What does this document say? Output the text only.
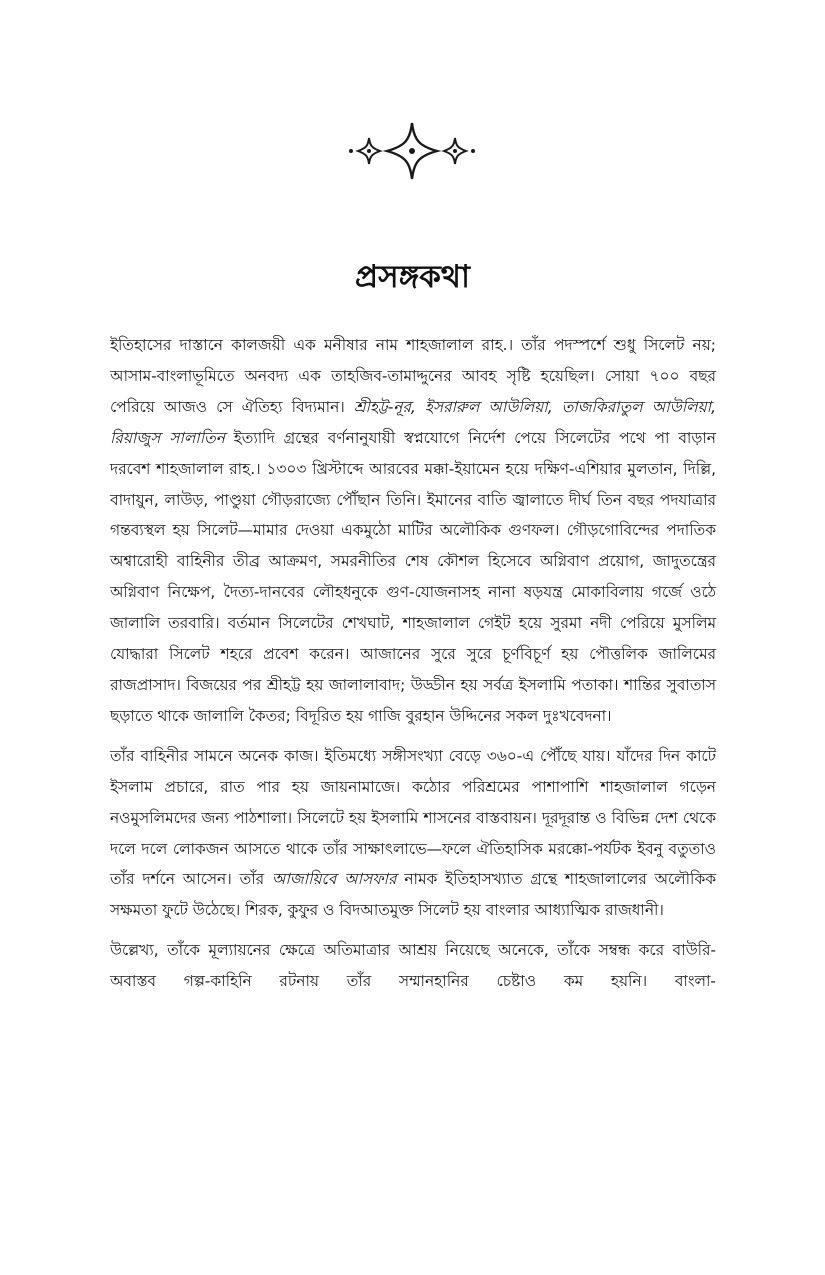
প্রসঙ্গকথা

ইতিহাসের দাস্তানে কালজয়ী এক মনীষার নাম শাহজালাল রাহ.। তাঁর পদস্পর্শে শুধু সিলেট নয়; আসাম-বাংলাভূমিতে অনবদ্য এক তাহজিব-তামাদ্দুনের আবহ সৃষ্টি হয়েছিল। সোয়া ৭০০ বছর পেরিয়ে আজও সে ঐতিহ্য বিদ্যমান। শ্রীহট্ট-নূর, ইসরারুল আউলিয়া, তাজকিরাতুল আউলিয়া, রিয়াজুস সালাতিন ইত্যাদি গ্রন্থের বর্ণনানুযায়ী স্বপ্নযোগে নির্দেশ পেয়ে সিলেটের পথে পা বাড়ান দরবেশ শাহজালাল রাহ.। ১৩০৩ খ্রিস্টাব্দে আরবের মক্কা-ইয়ামেন হয়ে দক্ষিণ-এশিয়ার মুলতান, দিল্লি, বাদায়ুন, লাউড়, পাণ্ডুয়া গৌড়রাজ্যে পৌঁছান তিনি। ইমানের বাতি জ্বালাতে দীর্ঘ তিন বছর পদযাত্রার গন্তব্যস্থল হয় সিলেট—মামার দেওয়া একমুঠো মাটির অলৌকিক গুণফল। গৌড়গোবিন্দের পদাতিক অশ্বারোহী বাহিনীর তীব্র আক্রমণ, সমরনীতির শেষ কৌশল হিসেবে অগ্নিবাণ প্রয়োগ, জাদুতন্ত্রের অগ্নিবাণ নিক্ষেপ, দৈত্য-দানবের লৌহধনুকে গুণ-যোজনাসহ নানা ষড়যন্ত্র মোকাবিলায় গর্জে ওঠে জালালি তরবারি। বর্তমান সিলেটের শেখঘাট, শাহজালাল গেইট হয়ে সুরমা নদী পেরিয়ে মুসলিম যোদ্ধারা সিলেট শহরে প্রবেশ করেন। আজানের সুরে সুরে চূর্ণবিচূর্ণ হয় পৌত্তলিক জালিমের রাজপ্রাসাদ। বিজয়ের পর শ্রীহট্ট হয় জালালাবাদ; উড্ডীন হয় সর্বত্র ইসলামি পতাকা। শান্তির সুবাতাস ছড়াতে থাকে জালালি কৈতর; বিদূরিত হয় গাজি বুরহান উদ্দিনের সকল দুঃখবেদনা।

তাঁর বাহিনীর সামনে অনেক কাজ। ইতিমধ্যে সঙ্গীসংখ্যা বেড়ে ৩৬০-এ পৌঁছে যায়। যাঁদের দিন কাটে ইসলাম প্রচারে, রাত পার হয় জায়নামাজে। কঠোর পরিশ্রমের পাশাপাশি শাহজালাল গড়েন নওমুসলিমদের জন্য পাঠশালা। সিলেটে হয় ইসলামি শাসনের বাস্তবায়ন। দূরদূরান্ত ও বিভিন্ন দেশ থেকে দলে দলে লোকজন আসতে থাকে তাঁর সাক্ষাৎলাভে—ফলে ঐতিহাসিক মরক্কো-পর্যটক ইবনু বতুতাও তাঁর দর্শনে আসেন। তাঁর আজায়িবে আসফার নামক ইতিহাসখ্যাত গ্রন্থে শাহজালালের অলৌকিক সক্ষমতা ফুটে উঠেছে। শিরক, কুফুর ও বিদআতমুক্ত সিলেট হয় বাংলার আধ্যাত্মিক রাজধানী।

উল্লেখ্য, তাঁকে মূল্যায়নের ক্ষেত্রে অতিমাত্রার আশ্রয় নিয়েছে অনেকে, তাঁকে সম্বন্ধ করে বাউরি-অবাস্তব গল্প-কাহিনি রটনায় তাঁর সম্মানহানির চেষ্টাও কম হয়নি। বাংলা-
